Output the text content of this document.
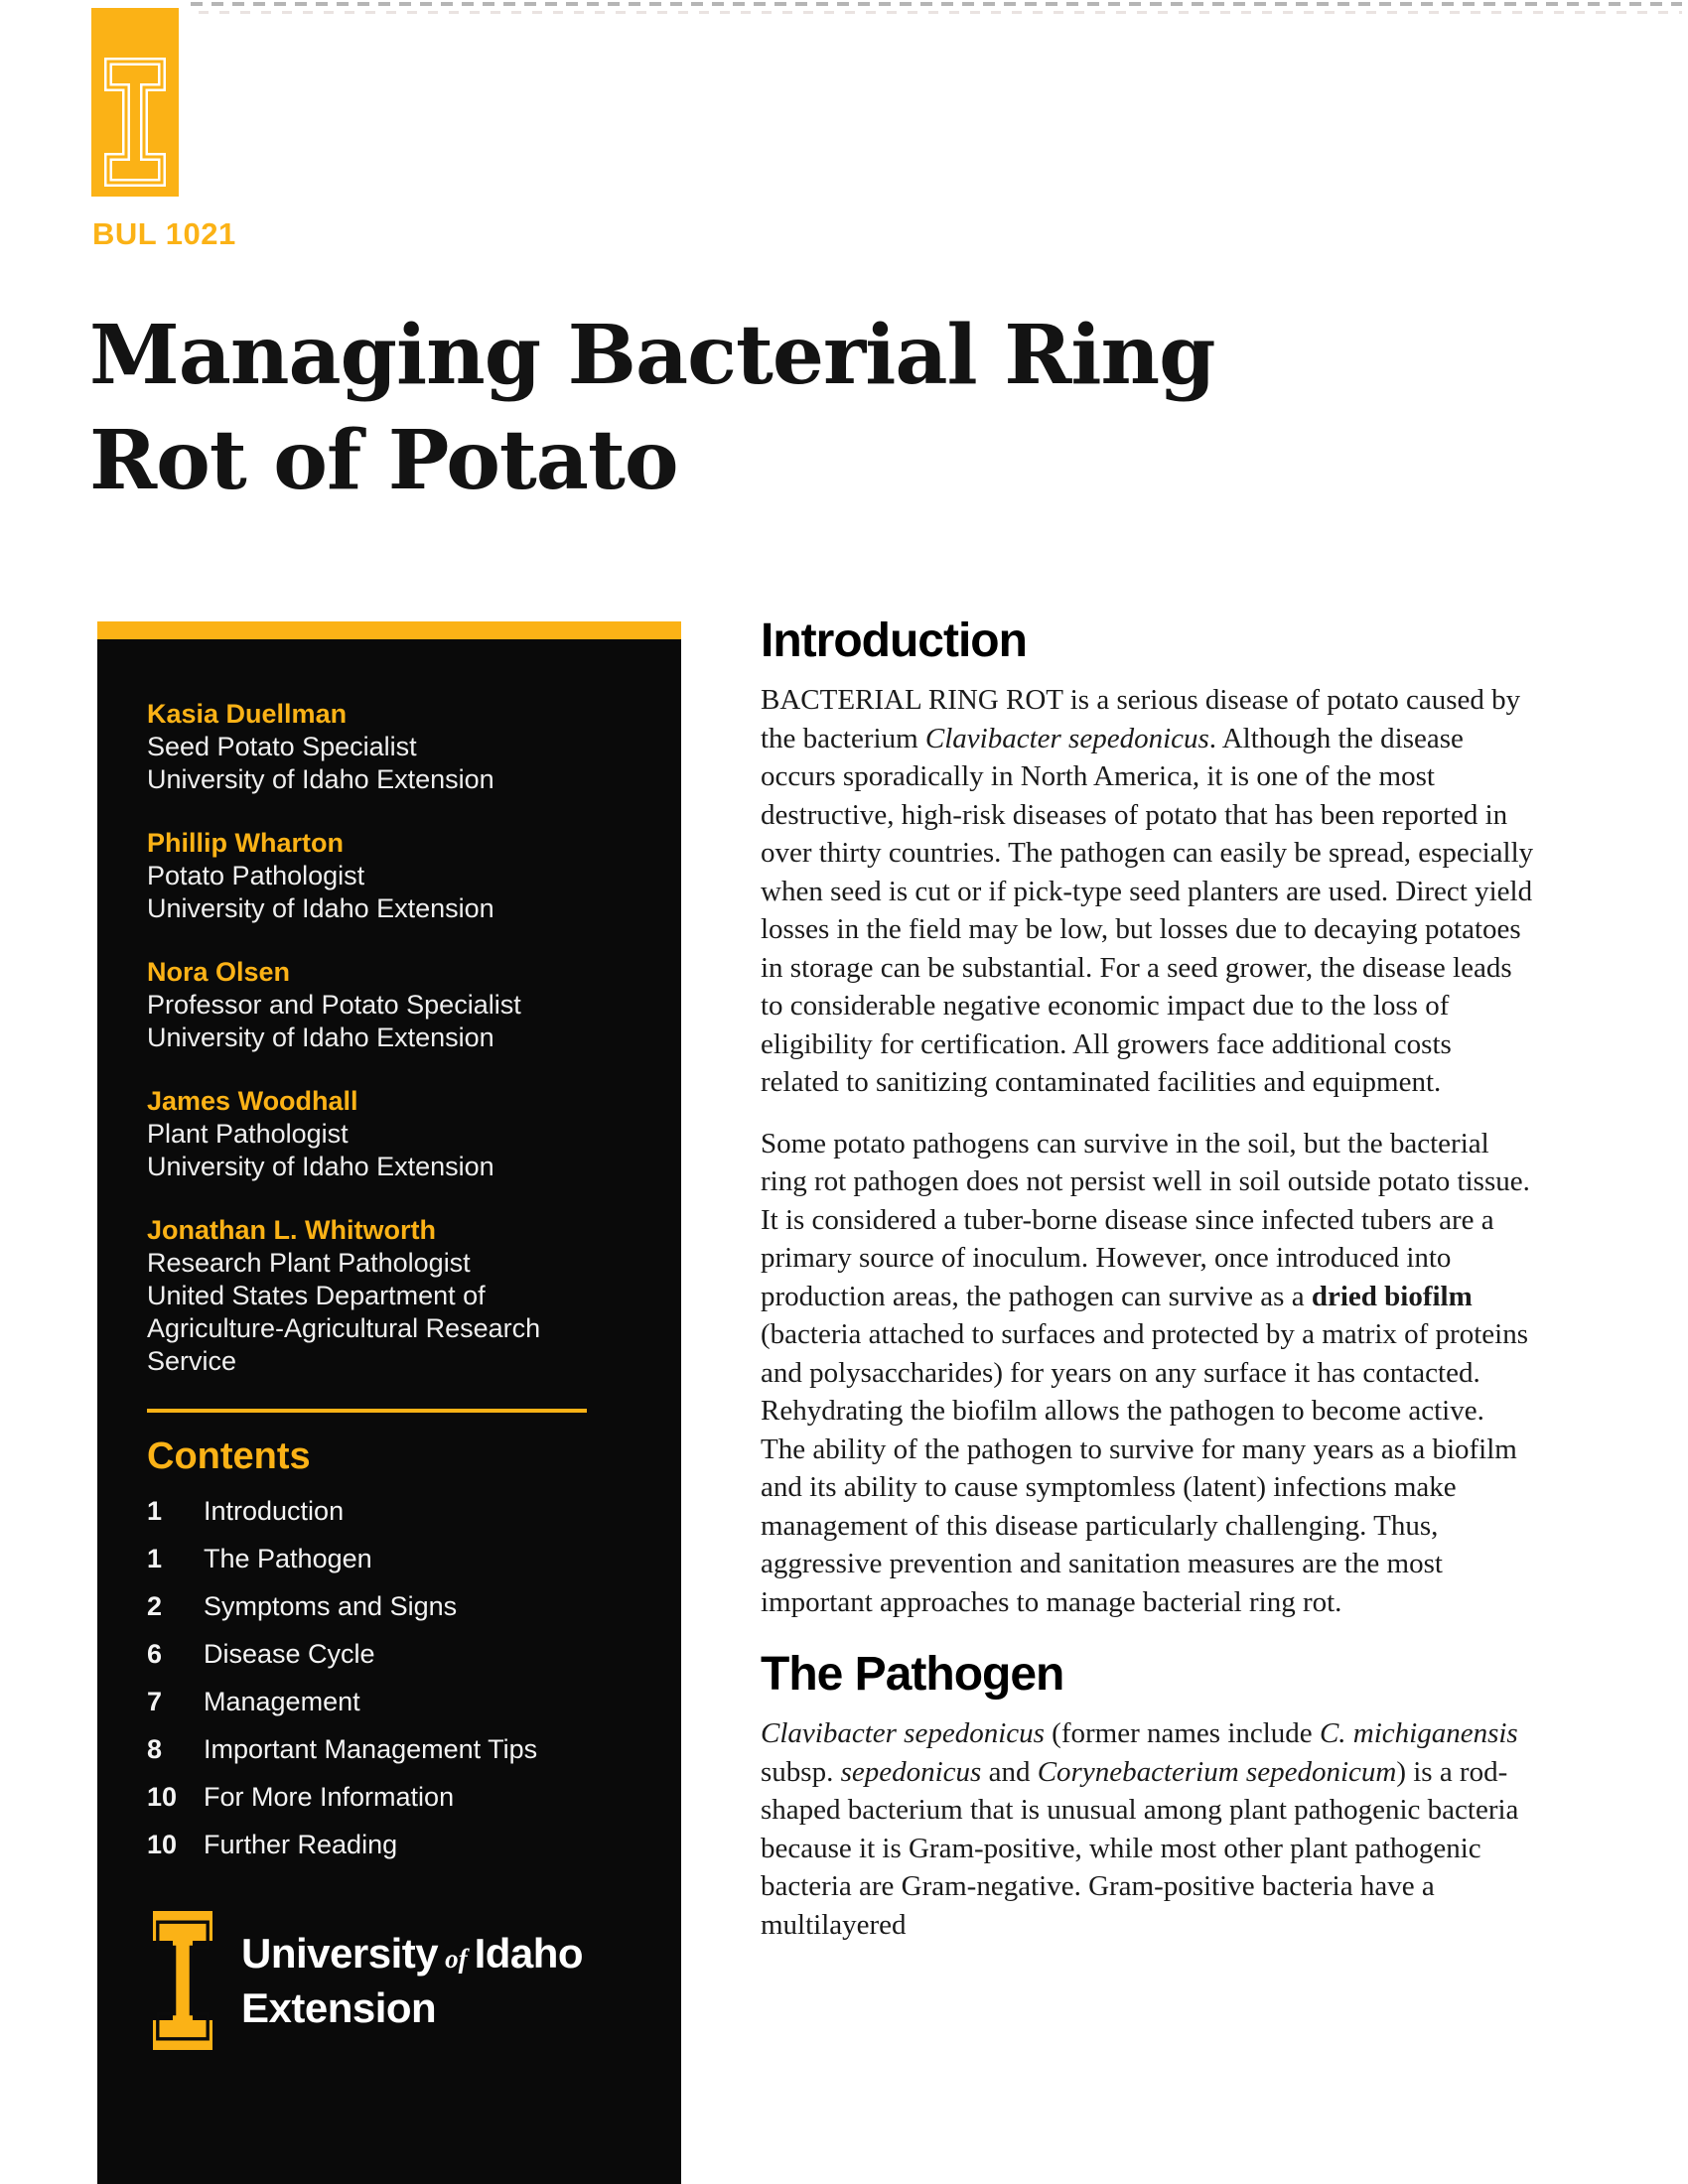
BUL 1021
Managing Bacterial Ring
Rot of Potato
Kasia Duellman
Seed Potato Specialist
University of Idaho Extension
Phillip Wharton
Potato Pathologist
University of Idaho Extension
Nora Olsen
Professor and Potato Specialist
University of Idaho Extension
James Woodhall
Plant Pathologist
University of Idaho Extension
Jonathan L. Whitworth
Research Plant Pathologist
United States Department of Agriculture-Agricultural Research Service
Contents
1	Introduction
1	The Pathogen
2	Symptoms and Signs
6	Disease Cycle
7	Management
8	Important Management Tips
10 For More Information
10 Further Reading
University of Idaho
Extension
Introduction

BACTERIAL RING ROT is a serious disease of potato caused by the bacterium Clavibacter sepedonicus. Although the disease occurs sporadically in North America, it is one of the most destructive, high-risk diseases of potato that has been reported in over thirty countries. The pathogen can easily be spread, especially when seed is cut or if pick-type seed planters are used. Direct yield losses in the field may be low, but losses due to decaying potatoes in storage can be substantial. For a seed grower, the disease leads to considerable negative economic impact due to the loss of eligibility for certification. All growers face additional costs related to sanitizing contaminated facilities and equipment.

Some potato pathogens can survive in the soil, but the bacterial ring rot pathogen does not persist well in soil outside potato tissue. It is considered a tuber-borne disease since infected tubers are a primary source of inoculum. However, once introduced into production areas, the pathogen can survive as a dried biofilm (bacteria attached to surfaces and protected by a matrix of proteins and polysaccharides) for years on any surface it has contacted. Rehydrating the biofilm allows the pathogen to become active. The ability of the pathogen to survive for many years as a biofilm and its ability to cause symptomless (latent) infections make management of this disease particularly challenging. Thus, aggressive prevention and sanitation measures are the most important approaches to manage bacterial ring rot.

The Pathogen

Clavibacter sepedonicus (former names include C. michiganensis subsp. sepedonicus and Corynebacterium sepedonicum) is a rod-shaped bacterium that is unusual among plant pathogenic bacteria because it is Gram-positive, while most other plant pathogenic bacteria are Gram-negative. Gram-positive bacteria have a multilayered
